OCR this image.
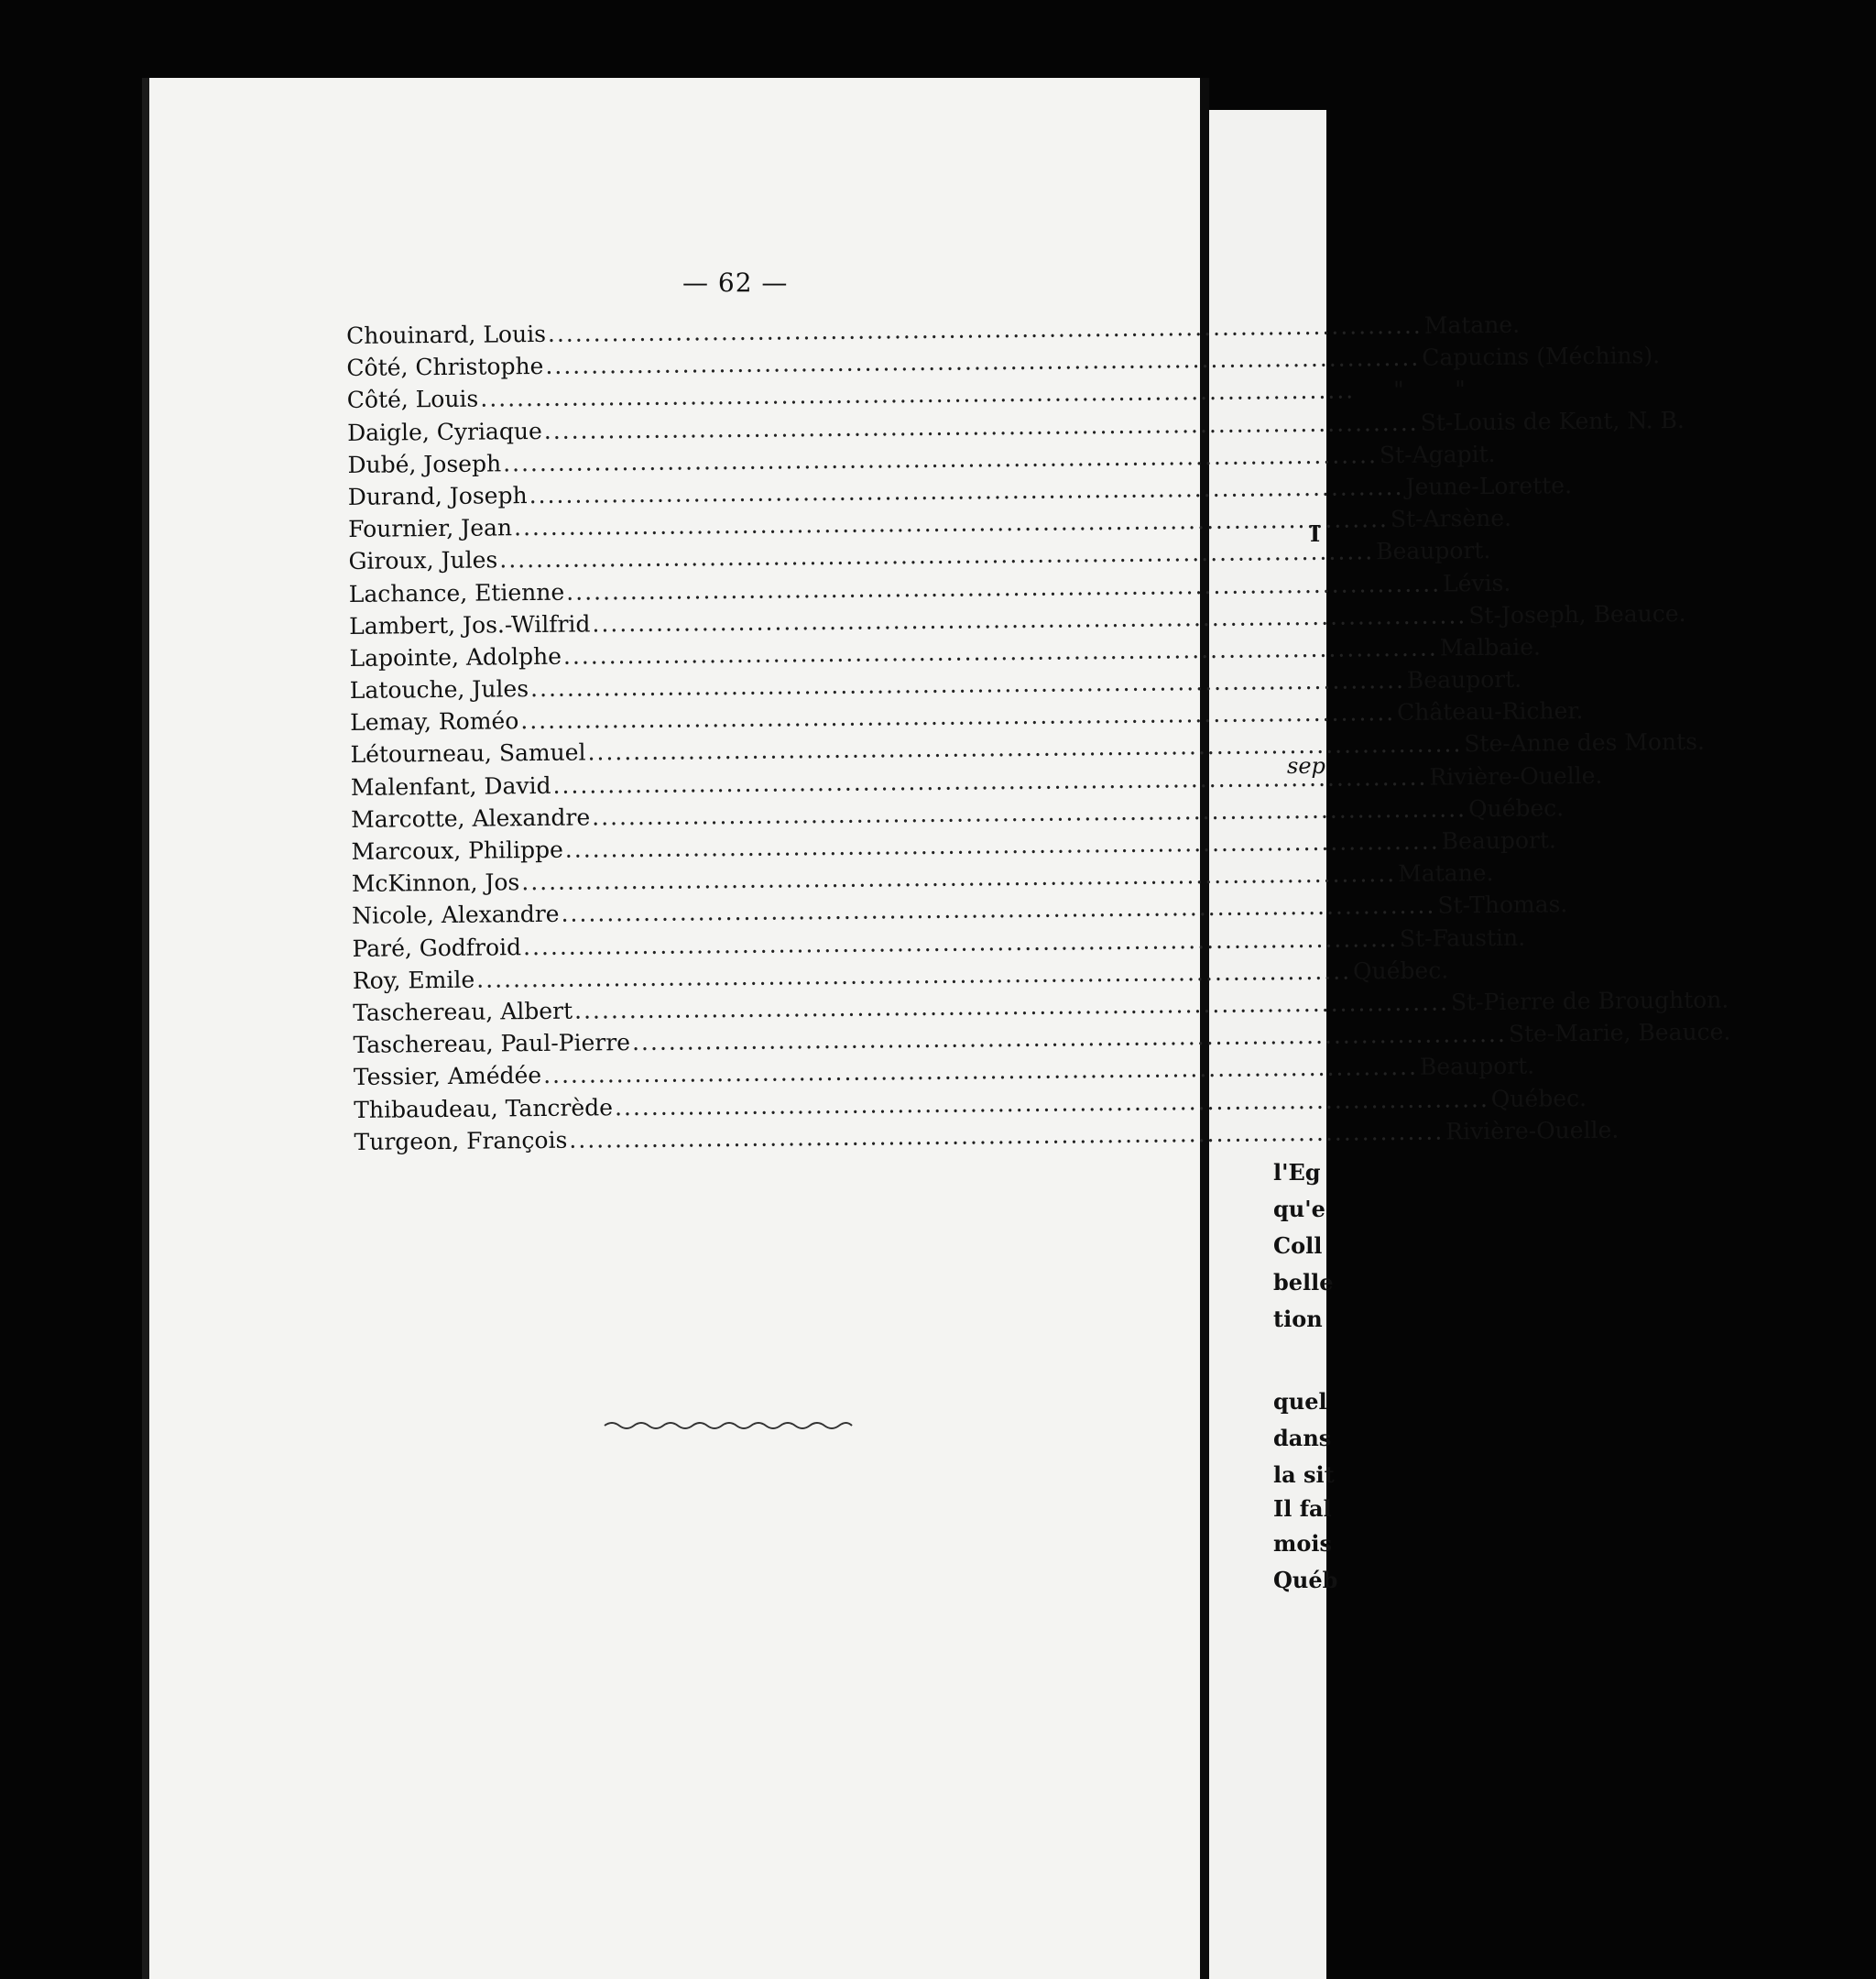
— 62 —
Chouinard, Louis .....	Matane.
Côté, Christophe .....	Capucins (Méchins).
Côté, Louis .....	"       "
Daigle, Cyriaque .....	St-Louis de Kent, N. B.
Dubé, Joseph .....	St-Agapit.
Durand, Joseph .....	Jeune-Lorette.
Fournier, Jean .....	St-Arsène.
Giroux, Jules .....	Beauport.
Lachance, Etienne .....	Lévis.
Lambert, Jos.-Wilfrid .....	St-Joseph, Beauce.
Lapointe, Adolphe .....	Malbaie.
Latouche, Jules .....	Beauport.
Lemay, Roméo .....	Château-Richer.
Létourneau, Samuel .....	Ste-Anne des Monts.
Malenfant, David .....	Rivière-Ouelle.
Marcotte, Alexandre .....	Québec.
Marcoux, Philippe .....	Beauport.
McKinnon, Jos .....	Matane.
Nicole, Alexandre .....	St-Thomas.
Paré, Godfroid .....	St-Faustin.
Roy, Emile .....	Québec.
Taschereau, Albert .....	St-Pierre de Broughton.
Taschereau, Paul-Pierre .....	Ste-Marie, Beauce.
Tessier, Amédée .....	Beauport.
Thibaudeau, Tancrède .....	Québec.
Turgeon, François .....	Rivière-Ouelle.
I
sep
l'Eg
qu'e
Coll
belle
tion
quel
dans
la sit
Il fal
mois
Québ
